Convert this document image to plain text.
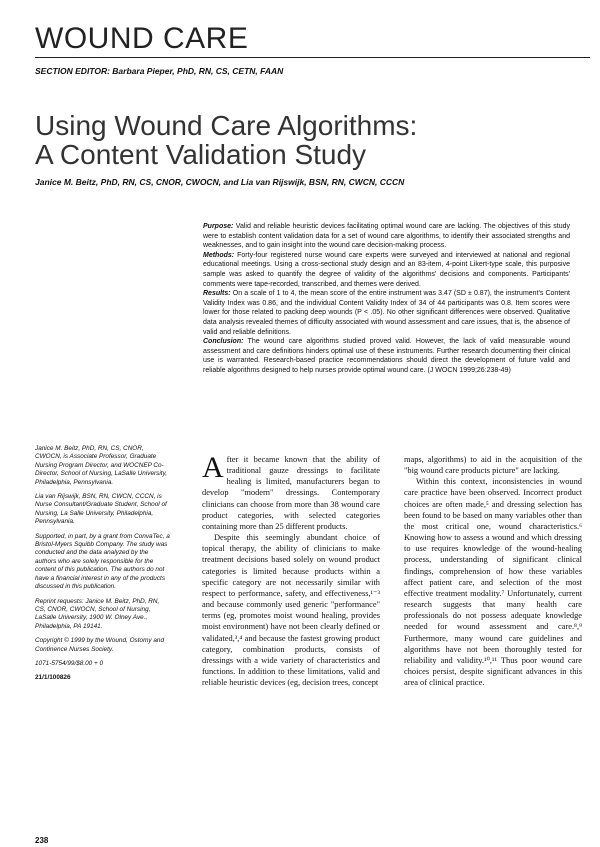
WOUND CARE
SECTION EDITOR: Barbara Pieper, PhD, RN, CS, CETN, FAAN
Using Wound Care Algorithms:
A Content Validation Study
Janice M. Beitz, PhD, RN, CS, CNOR, CWOCN, and Lia van Rijswijk, BSN, RN, CWCN, CCCN

Purpose: Valid and reliable heuristic devices facilitating optimal wound care are lacking. The objectives of this study were to establish content validation data for a set of wound care algorithms, to identify their associated strengths and weaknesses, and to gain insight into the wound care decision-making process.

Methods: Forty-four registered nurse wound care experts were surveyed and interviewed at national and regional educational meetings. Using a cross-sectional study design and an 83-item, 4-point Likert-type scale, this purposive sample was asked to quantify the degree of validity of the algorithms' decisions and components. Participants' comments were tape-recorded, transcribed, and themes were derived.

Results: On a scale of 1 to 4, the mean score of the entire instrument was 3.47 (SD ± 0.87), the instrument's Content Validity Index was 0.86, and the individual Content Validity Index of 34 of 44 participants was 0.8. Item scores were lower for those related to packing deep wounds (P < .05). No other significant differences were observed. Qualitative data analysis revealed themes of difficulty associated with wound assessment and care issues, that is, the absence of valid and reliable definitions.

Conclusion: The wound care algorithms studied proved valid. However, the lack of valid measurable wound assessment and care definitions hinders optimal use of these instruments. Further research documenting their clinical use is warranted. Research-based practice recommendations should direct the development of future valid and reliable algorithms designed to help nurses provide optimal wound care. (J WOCN 1999;26:238-49)

Janice M. Beitz, PhD, RN, CS, CNOR, CWOCN, is Associate Professor, Graduate Nursing Program Director, and WOCNEP Co-Director, School of Nursing, LaSalle University, Philadelphia, Pennsylvania.

Lia van Rijswijk, BSN, RN, CWCN, CCCN, is Nurse Consultant/Graduate Student, School of Nursing, La Salle University, Philadelphia, Pennsylvania.

Supported, in part, by a grant from ConvaTec, a Bristol-Myers Squibb Company. The study was conducted and the data analyzed by the authors who are solely responsible for the content of this publication. The authors do not have a financial interest in any of the products discussed in this publication.

Reprint requests: Janice M. Beitz, PhD, RN, CS, CNOR, CWOCN, School of Nursing, LaSalle University, 1900 W. Olney Ave., Philadelphia, PA 19141.

Copyright © 1999 by the Wound, Ostomy and Continence Nurses Society.

1071-5754/99/$8.00 + 0

21/1/100826

After it became known that the ability of traditional gauze dressings to facilitate healing is limited, manufacturers began to develop "modern" dressings. Contemporary clinicians can choose from more than 38 wound care product categories, with selected categories containing more than 25 different products.

Despite this seemingly abundant choice of topical therapy, the ability of clinicians to make treatment decisions based solely on wound product categories is limited because products within a specific category are not necessarily similar with respect to performance, safety, and effectiveness,¹⁻³ and because commonly used generic "performance" terms (eg, promotes moist wound healing, provides moist environment) have not been clearly defined or validated,³,⁴ and because the fastest growing product category, combination products, consists of dressings with a wide variety of characteristics and functions. In addition to these limitations, valid and reliable heuristic devices (eg, decision trees, concept

maps, algorithms) to aid in the acquisition of the "big wound care products picture" are lacking.

Within this context, inconsistencies in wound care practice have been observed. Incorrect product choices are often made,⁵ and dressing selection has been found to be based on many variables other than the most critical one, wound characteristics.⁶ Knowing how to assess a wound and which dressing to use requires knowledge of the wound-healing process, understanding of significant clinical findings, comprehension of how these variables affect patient care, and selection of the most effective treatment modality.⁷ Unfortunately, current research suggests that many health care professionals do not possess adequate knowledge needed for wound assessment and care.⁸,⁹ Furthermore, many wound care guidelines and algorithms have not been thoroughly tested for reliability and validity.¹⁰,¹¹ Thus poor wound care choices persist, despite significant advances in this area of clinical practice.

238
